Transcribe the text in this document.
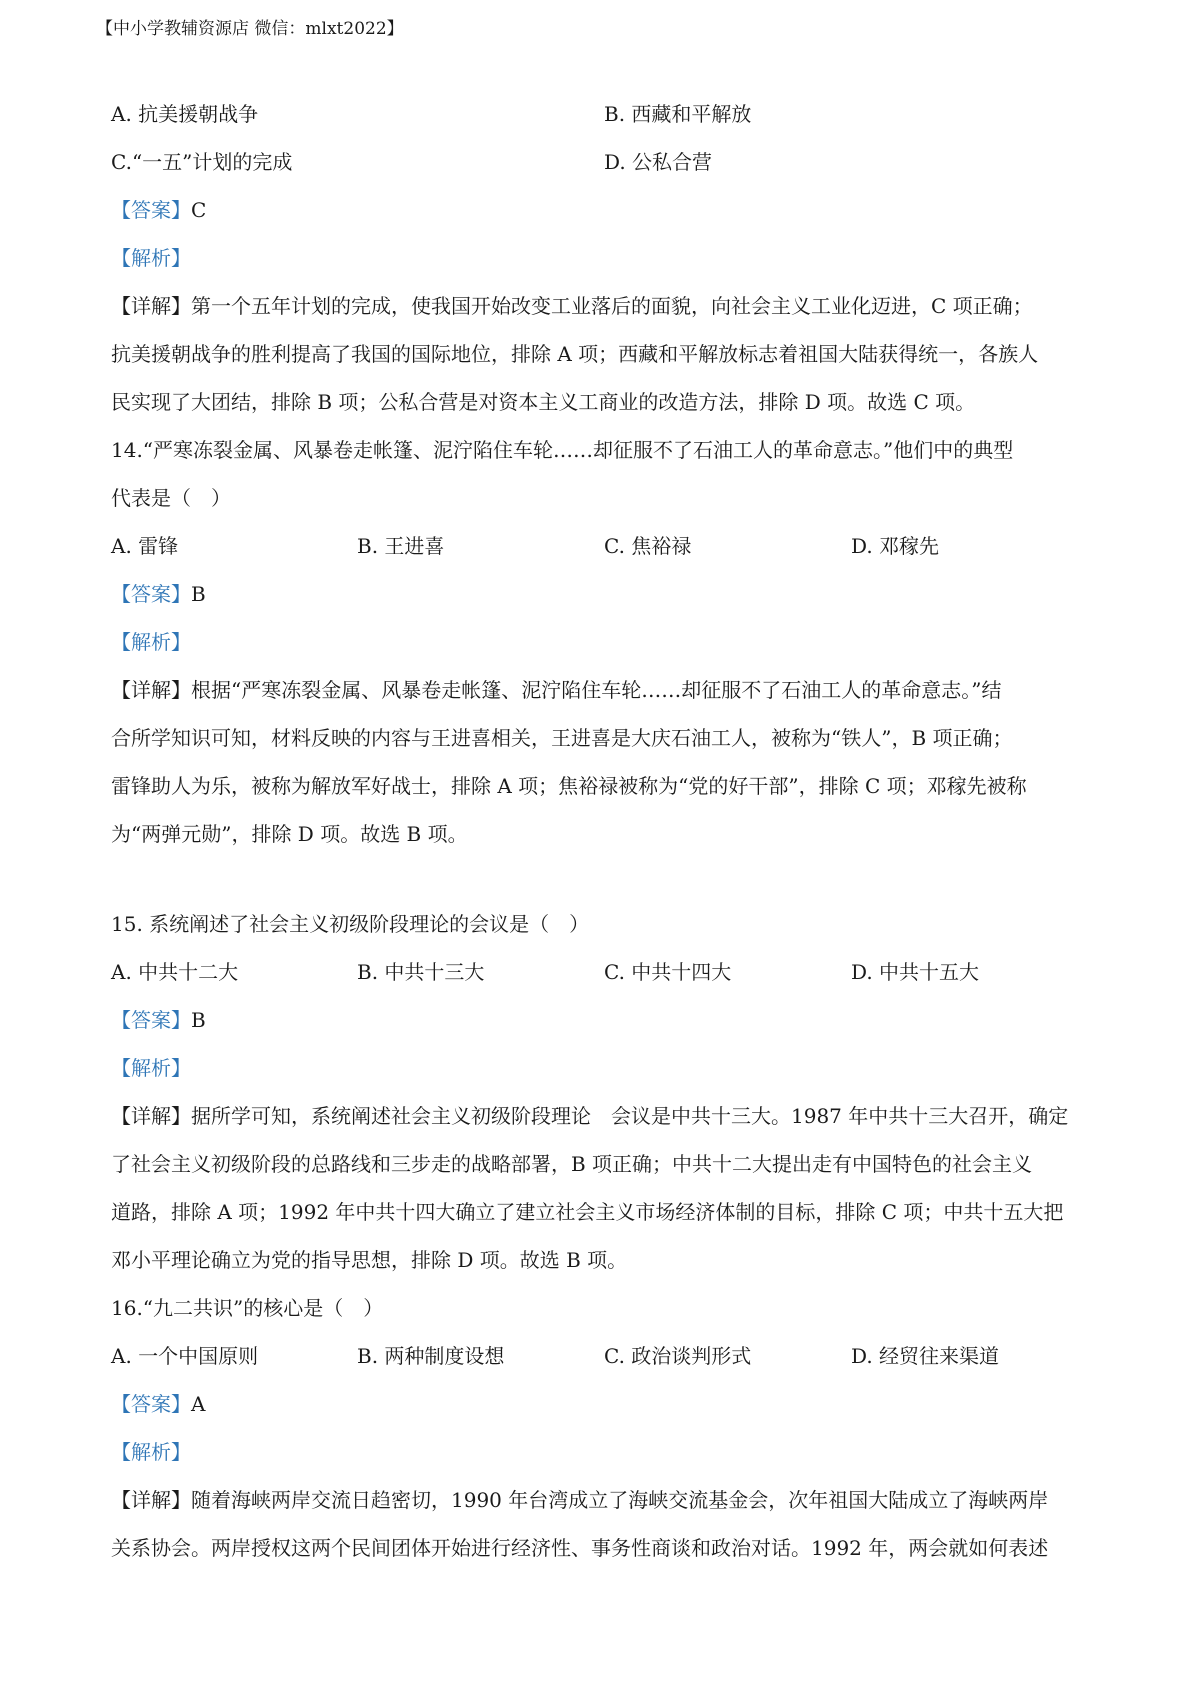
【中小学教辅资源店 微信：mlxt2022】
A. 抗美援朝战争	B. 西藏和平解放
C.“一五”计划的完成	D. 公私合营
【答案】C
【解析】
【详解】第一个五年计划的完成，使我国开始改变工业落后的面貌，向社会主义工业化迈进，C 项正确；
抗美援朝战争的胜利提高了我国的国际地位，排除 A 项；西藏和平解放标志着祖国大陆获得统一，各族人
民实现了大团结，排除 B 项；公私合营是对资本主义工商业的改造方法，排除 D 项。故选 C 项。
14.“严寒冻裂金属、风暴卷走帐篷、泥泞陷住车轮……却征服不了石油工人的革命意志。”他们中的典型
代表是（　）
A. 雷锋	B. 王进喜	C. 焦裕禄	D. 邓稼先
【答案】B
【解析】
【详解】根据“严寒冻裂金属、风暴卷走帐篷、泥泞陷住车轮……却征服不了石油工人的革命意志。”结
合所学知识可知，材料反映的内容与王进喜相关，王进喜是大庆石油工人，被称为“铁人”，B 项正确；
雷锋助人为乐，被称为解放军好战士，排除 A 项；焦裕禄被称为“党的好干部”，排除 C 项；邓稼先被称
为“两弹元勋”，排除 D 项。故选 B 项。
15. 系统阐述了社会主义初级阶段理论的会议是（　）
A. 中共十二大	B. 中共十三大	C. 中共十四大	D. 中共十五大
【答案】B
【解析】
【详解】据所学可知，系统阐述社会主义初级阶段理论　会议是中共十三大。1987 年中共十三大召开，确定
了社会主义初级阶段的总路线和三步走的战略部署，B 项正确；中共十二大提出走有中国特色的社会主义
道路，排除 A 项；1992 年中共十四大确立了建立社会主义市场经济体制的目标，排除 C 项；中共十五大把
邓小平理论确立为党的指导思想，排除 D 项。故选 B 项。
16.“九二共识”的核心是（　）
A. 一个中国原则	B. 两种制度设想	C. 政治谈判形式	D. 经贸往来渠道
【答案】A
【解析】
【详解】随着海峡两岸交流日趋密切，1990 年台湾成立了海峡交流基金会，次年祖国大陆成立了海峡两岸
关系协会。两岸授权这两个民间团体开始进行经济性、事务性商谈和政治对话。1992 年，两会就如何表述
